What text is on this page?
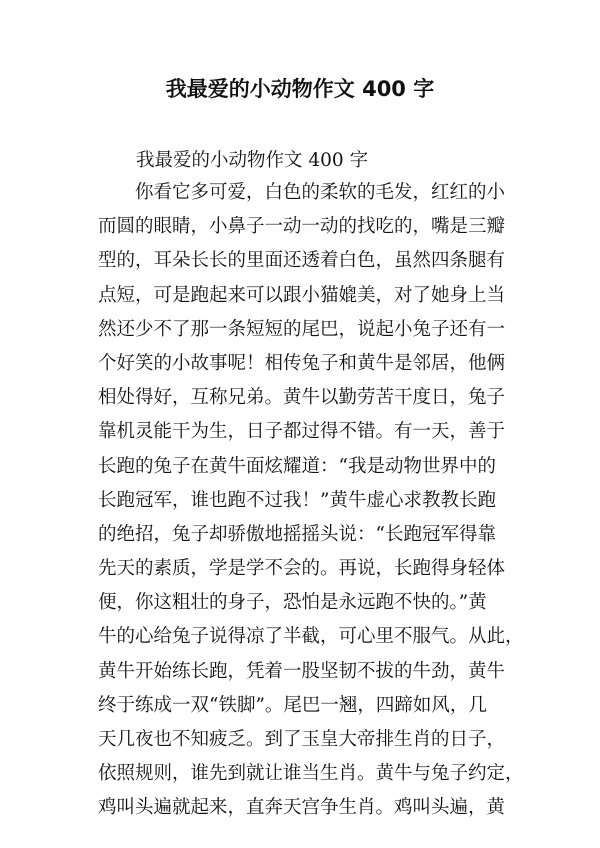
我最爱的小动物作文 400 字
我最爱的小动物作文 400 字
你看它多可爱，白色的柔软的毛发，红红的小
而圆的眼睛，小鼻子一动一动的找吃的，嘴是三瓣
型的，耳朵长长的里面还透着白色，虽然四条腿有
点短，可是跑起来可以跟小猫媲美，对了她身上当
然还少不了那一条短短的尾巴，说起小兔子还有一
个好笑的小故事呢！相传兔子和黄牛是邻居，他俩
相处得好，互称兄弟。黄牛以勤劳苦干度日，兔子
靠机灵能干为生，日子都过得不错。有一天，善于
长跑的兔子在黄牛面炫耀道：“我是动物世界中的
长跑冠军，谁也跑不过我！”黄牛虚心求教教长跑
的绝招，兔子却骄傲地摇摇头说：“长跑冠军得靠
先天的素质，学是学不会的。再说，长跑得身轻体
便，你这粗壮的身子，恐怕是永远跑不快的。”黄
牛的心给兔子说得凉了半截，可心里不服气。从此，
黄牛开始练长跑，凭着一股坚韧不拔的牛劲，黄牛
终于练成一双“铁脚”。尾巴一翘，四蹄如风，几
天几夜也不知疲乏。到了玉皇大帝排生肖的日子，
依照规则，谁先到就让谁当生肖。黄牛与兔子约定，
鸡叫头遍就起来，直奔天宫争生肖。鸡叫头遍，黄
